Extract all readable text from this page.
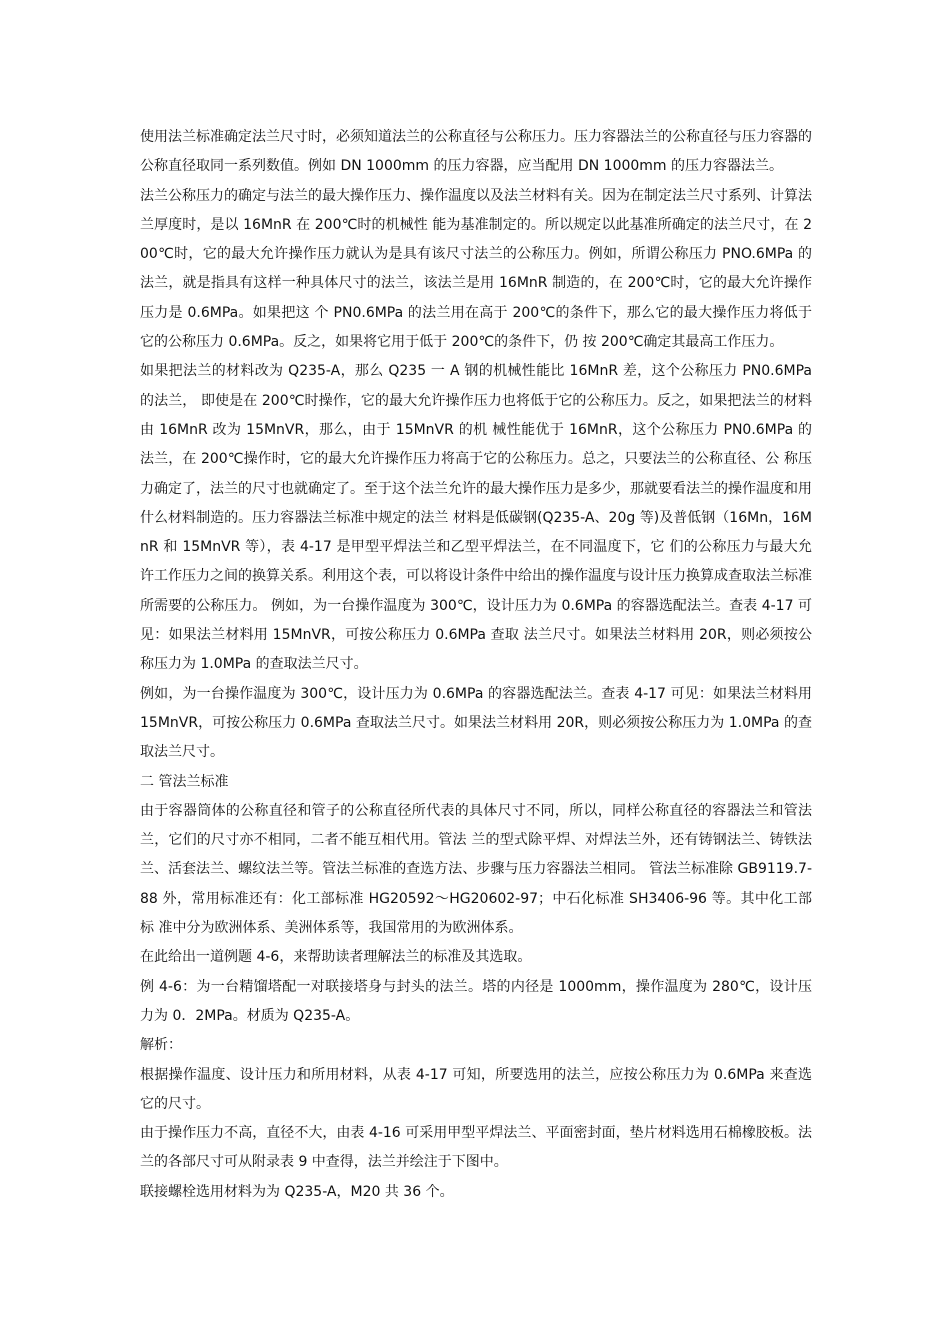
使用法兰标准确定法兰尺寸时，必须知道法兰的公称直径与公称压力。压力容器法兰的公称直径与压力容器的公称直径取同一系列数值。例如 DN 1000mm 的压力容器，应当配用 DN 1000mm 的压力容器法兰。

法兰公称压力的确定与法兰的最大操作压力、操作温度以及法兰材料有关。因为在制定法兰尺寸系列、计算法兰厚度时，是以 16MnR 在 200℃时的机械性 能为基准制定的。所以规定以此基准所确定的法兰尺寸，在 200℃时，它的最大允许操作压力就认为是具有该尺寸法兰的公称压力。例如，所谓公称压力 PNO.6MPa 的法兰，就是指具有这样一种具体尺寸的法兰，该法兰是用 16MnR 制造的，在 200℃时，它的最大允许操作压力是 0.6MPa。如果把这 个 PN0.6MPa 的法兰用在高于 200℃的条件下，那么它的最大操作压力将低于它的公称压力 0.6MPa。反之，如果将它用于低于 200℃的条件下，仍 按 200℃确定其最高工作压力。

如果把法兰的材料改为 Q235-A，那么 Q235 一 A 钢的机械性能比 16MnR 差，这个公称压力 PN0.6MPa 的法兰， 即使是在 200℃时操作，它的最大允许操作压力也将低于它的公称压力。反之，如果把法兰的材料由 16MnR 改为 15MnVR，那么，由于 15MnVR 的机 械性能优于 16MnR，这个公称压力 PN0.6MPa 的法兰，在 200℃操作时，它的最大允许操作压力将高于它的公称压力。总之，只要法兰的公称直径、公 称压力确定了，法兰的尺寸也就确定了。至于这个法兰允许的最大操作压力是多少，那就要看法兰的操作温度和用什么材料制造的。压力容器法兰标准中规定的法兰 材料是低碳钢(Q235-A、20g 等)及普低钢（16Mn，16MnR 和 15MnVR 等），表 4-17 是甲型平焊法兰和乙型平焊法兰，在不同温度下，它 们的公称压力与最大允许工作压力之间的换算关系。利用这个表，可以将设计条件中给出的操作温度与设计压力换算成查取法兰标准所需要的公称压力。 例如，为一台操作温度为 300℃，设计压力为 0.6MPa 的容器选配法兰。查表 4-17 可见：如果法兰材料用 15MnVR，可按公称压力 0.6MPa 查取 法兰尺寸。如果法兰材料用 20R，则必须按公称压力为 1.0MPa 的查取法兰尺寸。

例如，为一台操作温度为 300℃，设计压力为 0.6MPa 的容器选配法兰。查表 4-17 可见：如果法兰材料用 15MnVR，可按公称压力 0.6MPa 查取法兰尺寸。如果法兰材料用 20R，则必须按公称压力为 1.0MPa 的查取法兰尺寸。

二 管法兰标准

由于容器筒体的公称直径和管子的公称直径所代表的具体尺寸不同，所以，同样公称直径的容器法兰和管法兰，它们的尺寸亦不相同，二者不能互相代用。管法 兰的型式除平焊、对焊法兰外，还有铸钢法兰、铸铁法兰、活套法兰、螺纹法兰等。管法兰标准的查选方法、步骤与压力容器法兰相同。 管法兰标准除 GB9119.7-88 外，常用标准还有：化工部标准 HG20592～HG20602-97；中石化标准 SH3406-96 等。其中化工部标 准中分为欧洲体系、美洲体系等，我国常用的为欧洲体系。

在此给出一道例题 4-6，来帮助读者理解法兰的标准及其选取。

例 4-6：为一台精馏塔配一对联接塔身与封头的法兰。塔的内径是 1000mm，操作温度为 280℃，设计压力为 0．2MPa。材质为 Q235-A。

解析：

根据操作温度、设计压力和所用材料，从表 4-17 可知，所要选用的法兰，应按公称压力为 0.6MPa 来查选它的尺寸。

由于操作压力不高，直径不大，由表 4-16 可采用甲型平焊法兰、平面密封面，垫片材料选用石棉橡胶板。法兰的各部尺寸可从附录表 9 中查得，法兰并绘注于下图中。

联接螺栓选用材料为为 Q235-A，M20 共 36 个。
